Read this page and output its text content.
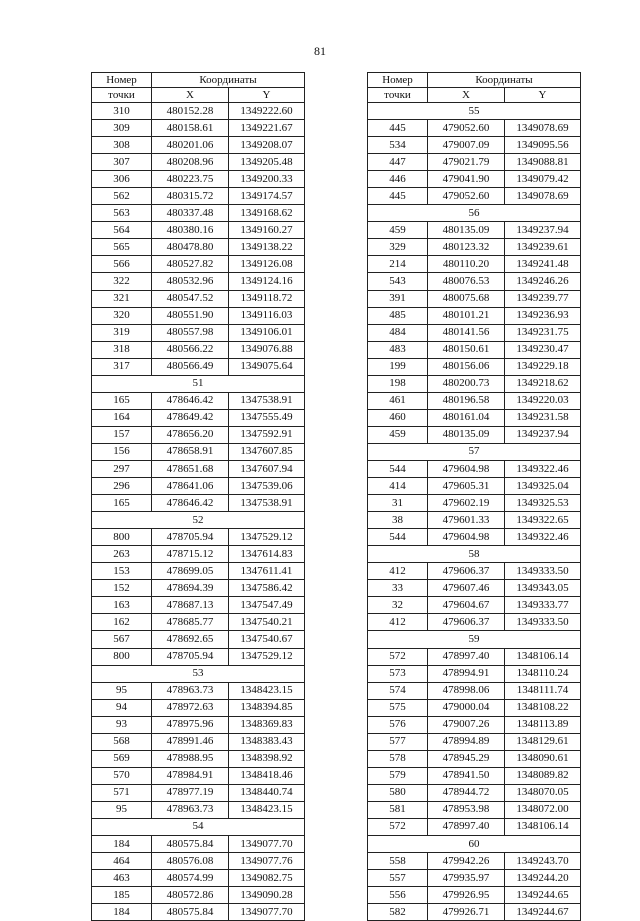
81
Номер	Координаты	
точки	X	Y
310	480152.28	1349222.60
309	480158.61	1349221.67
308	480201.06	1349208.07
307	480208.96	1349205.48
306	480223.75	1349200.33
562	480315.72	1349174.57
563	480337.48	1349168.62
564	480380.16	1349160.27
565	480478.80	1349138.22
566	480527.82	1349126.08
322	480532.96	1349124.16
321	480547.52	1349118.72
320	480551.90	1349116.03
319	480557.98	1349106.01
318	480566.22	1349076.88
317	480566.49	1349075.64
51		
165	478646.42	1347538.91
164	478649.42	1347555.49
157	478656.20	1347592.91
156	478658.91	1347607.85
297	478651.68	1347607.94
296	478641.06	1347539.06
165	478646.42	1347538.91
52		
800	478705.94	1347529.12
263	478715.12	1347614.83
153	478699.05	1347611.41
152	478694.39	1347586.42
163	478687.13	1347547.49
162	478685.77	1347540.21
567	478692.65	1347540.67
800	478705.94	1347529.12
53		
95	478963.73	1348423.15
94	478972.63	1348394.85
93	478975.96	1348369.83
568	478991.46	1348383.43
569	478988.95	1348398.92
570	478984.91	1348418.46
571	478977.19	1348440.74
95	478963.73	1348423.15
54		
184	480575.84	1349077.70
464	480576.08	1349077.76
463	480574.99	1349082.75
185	480572.86	1349090.28
184	480575.84	1349077.70
Номер	Координаты	
точки	X	Y
55		
445	479052.60	1349078.69
534	479007.09	1349095.56
447	479021.79	1349088.81
446	479041.90	1349079.42
445	479052.60	1349078.69
56		
459	480135.09	1349237.94
329	480123.32	1349239.61
214	480110.20	1349241.48
543	480076.53	1349246.26
391	480075.68	1349239.77
485	480101.21	1349236.93
484	480141.56	1349231.75
483	480150.61	1349230.47
199	480156.06	1349229.18
198	480200.73	1349218.62
461	480196.58	1349220.03
460	480161.04	1349231.58
459	480135.09	1349237.94
57		
544	479604.98	1349322.46
414	479605.31	1349325.04
31	479602.19	1349325.53
38	479601.33	1349322.65
544	479604.98	1349322.46
58		
412	479606.37	1349333.50
33	479607.46	1349343.05
32	479604.67	1349333.77
412	479606.37	1349333.50
59		
572	478997.40	1348106.14
573	478994.91	1348110.24
574	478998.06	1348111.74
575	479000.04	1348108.22
576	479007.26	1348113.89
577	478994.89	1348129.61
578	478945.29	1348090.61
579	478941.50	1348089.82
580	478944.72	1348070.05
581	478953.98	1348072.00
572	478997.40	1348106.14
60		
558	479942.26	1349243.70
557	479935.97	1349244.20
556	479926.95	1349244.65
582	479926.71	1349244.67
